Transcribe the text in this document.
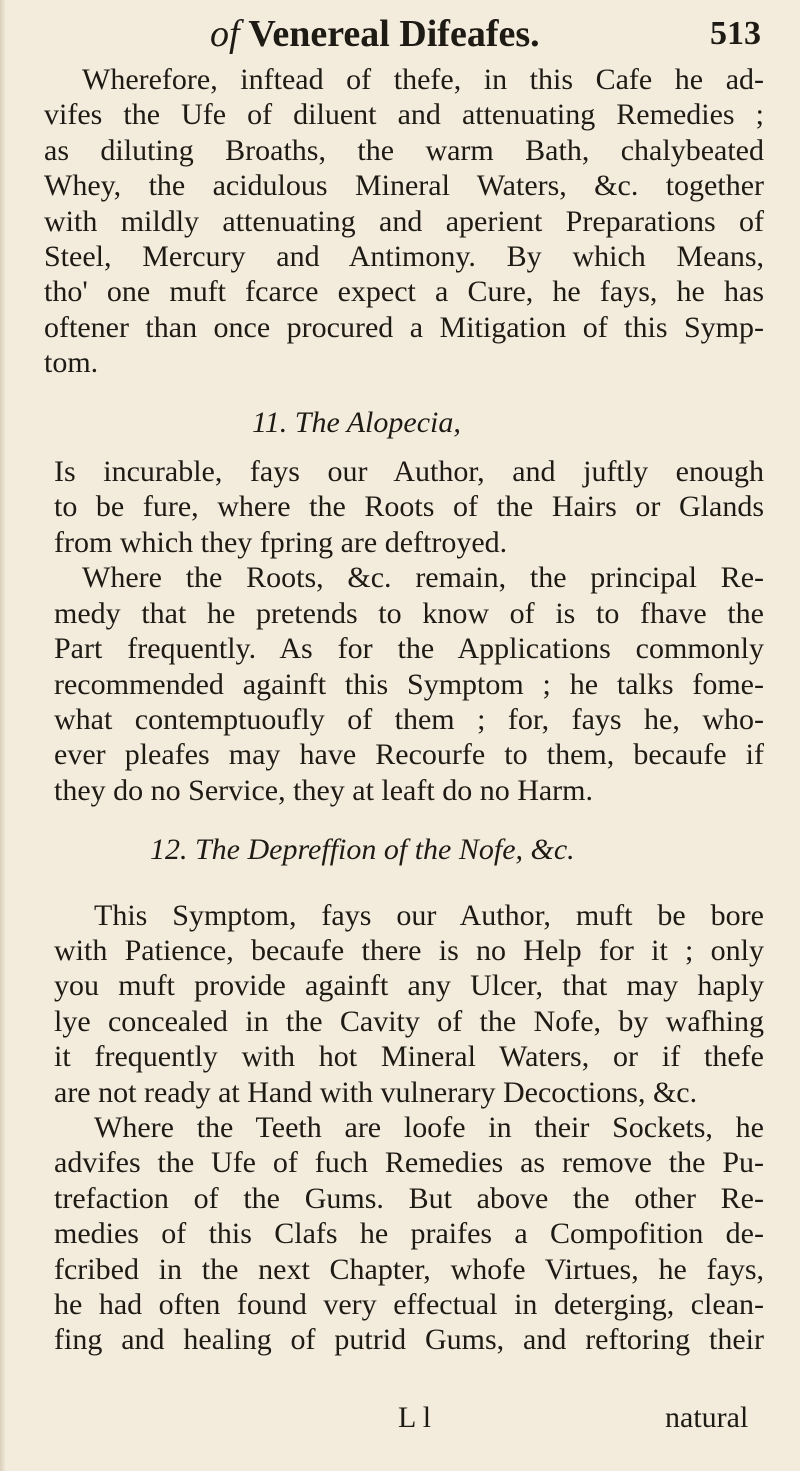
of Venereal Difeafes.	513
Wherefore, inftead of thefe, in this Cafe he ad-
vifes the Ufe of diluent and attenuating Remedies ;
as diluting Broaths, the warm Bath, chalybeated
Whey, the acidulous Mineral Waters, &c. together
with mildly attenuating and aperient Preparations of
Steel, Mercury and Antimony. By which Means,
tho' one muft fcarce expect a Cure, he fays, he has
oftener than once procured a Mitigation of this Symp-
tom.
11. The Alopecia,
Is incurable, fays our Author, and juftly enough
to be fure, where the Roots of the Hairs or Glands
from which they fpring are deftroyed.
Where the Roots, &c. remain, the principal Re-
medy that he pretends to know of is to fhave the
Part frequently. As for the Applications commonly
recommended againft this Symptom ; he talks fome-
what contemptuoufly of them ; for, fays he, who-
ever pleafes may have Recourfe to them, becaufe if
they do no Service, they at leaft do no Harm.
12. The Depreffion of the Nofe, &c.
This Symptom, fays our Author, muft be bore
with Patience, becaufe there is no Help for it ; only
you muft provide againft any Ulcer, that may haply
lye concealed in the Cavity of the Nofe, by wafhing
it frequently with hot Mineral Waters, or if thefe
are not ready at Hand with vulnerary Decoctions, &c.
Where the Teeth are loofe in their Sockets, he
advifes the Ufe of fuch Remedies as remove the Pu-
trefaction of the Gums. But above the other Re-
medies of this Clafs he praifes a Compofition de-
fcribed in the next Chapter, whofe Virtues, he fays,
he had often found very effectual in deterging, clean-
fing and healing of putrid Gums, and reftoring their
L l	natural
